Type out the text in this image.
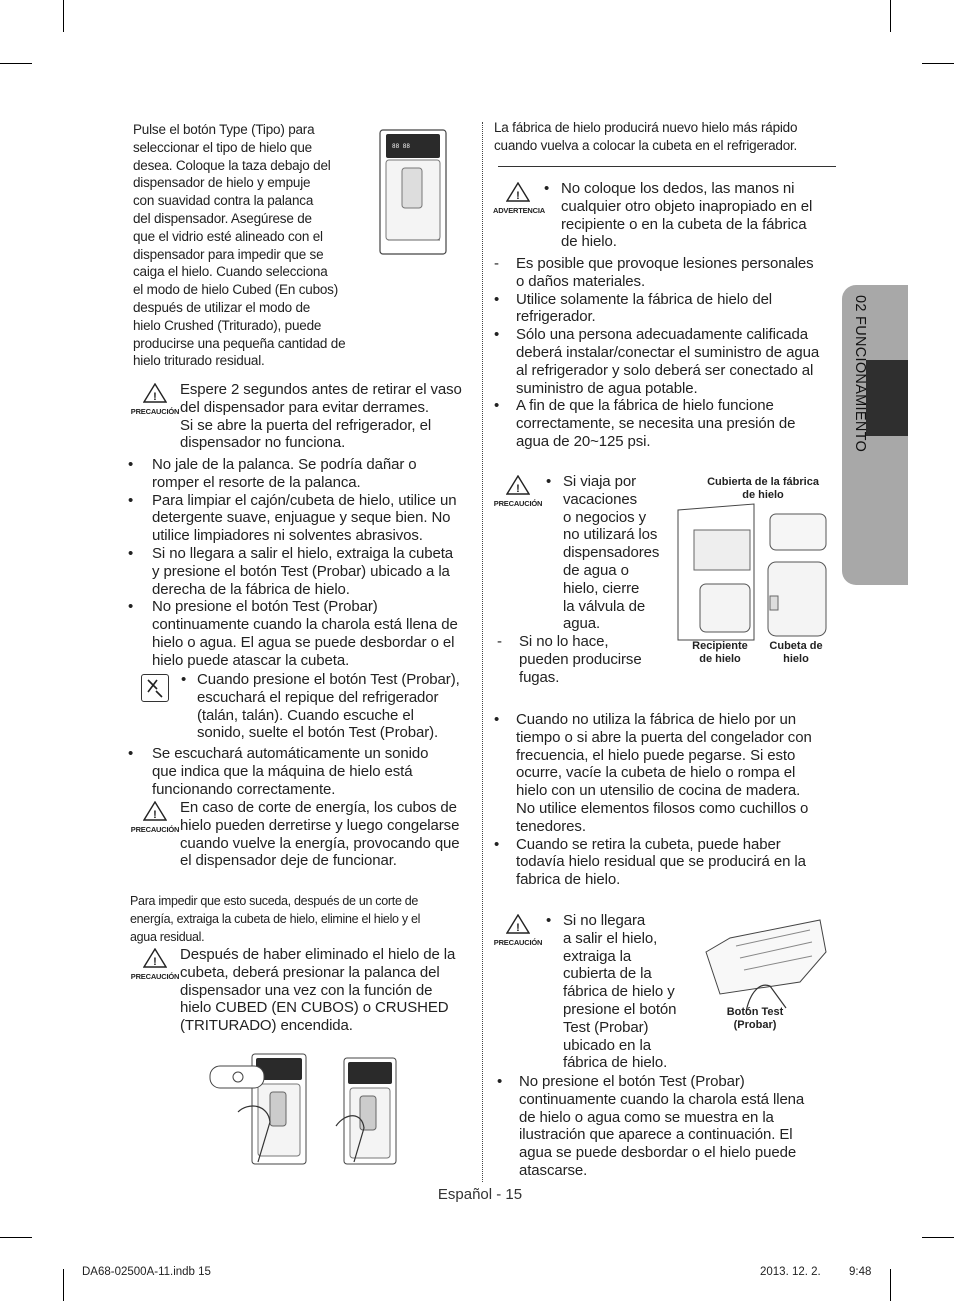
02 FUNCIONAMIENTO
Pulse el botón Type (Tipo) para
seleccionar el tipo de hielo que
desea. Coloque la taza debajo del
dispensador de hielo y empuje
con suavidad contra la palanca
del dispensador. Asegúrese de
que el vidrio esté alineado con el
dispensador para impedir que se
caiga el hielo. Cuando selecciona
el modo de hielo Cubed (En cubos)
después de utilizar el modo de
hielo Crushed (Triturado), puede
producirse una pequeña cantidad de
hielo triturado residual.
88 88
!
PRECAUCIÓN
Espere 2 segundos antes de retirar el vaso
del dispensador para evitar derrames.
Si se abre la puerta del refrigerador, el
dispensador no funciona.
• No jale de la palanca. Se podría dañar o
romper el resorte de la palanca.
• Para limpiar el cajón/cubeta de hielo, utilice un
detergente suave, enjuague y seque bien. No
utilice limpiadores ni solventes abrasivos.
• Si no llegara a salir el hielo, extraiga la cubeta
y presione el botón Test (Probar) ubicado a la
derecha de la fábrica de hielo.
• No presione el botón Test (Probar)
continuamente cuando la charola está llena de
hielo o agua. El agua se puede desbordar o el
hielo puede atascar la cubeta.
• Cuando presione el botón Test (Probar),
escuchará el repique del refrigerador
(talán, talán). Cuando escuche el
sonido, suelte el botón Test (Probar).
• Se escuchará automáticamente un sonido
que indica que la máquina de hielo está
funcionando correctamente.
!
PRECAUCIÓN
En caso de corte de energía, los cubos de
hielo pueden derretirse y luego congelarse
cuando vuelve la energía, provocando que
el dispensador deje de funcionar.
Para impedir que esto suceda, después de un corte de
energía, extraiga la cubeta de hielo, elimine el hielo y el
agua residual.
!
PRECAUCIÓN
Después de haber eliminado el hielo de la
cubeta, deberá presionar la palanca del
dispensador una vez con la función de
hielo CUBED (EN CUBOS) o CRUSHED
(TRITURADO) encendida.
La fábrica de hielo producirá nuevo hielo más rápido
cuando vuelva a colocar la cubeta en el refrigerador.
!
ADVERTENCIA
• No coloque los dedos, las manos ni
cualquier otro objeto inapropiado en el
recipiente o en la cubeta de la fábrica
de hielo.
- Es posible que provoque lesiones personales
o daños materiales.
• Utilice solamente la fábrica de hielo del
refrigerador.
• Sólo una persona adecuadamente calificada
deberá instalar/conectar el suministro de agua
al refrigerador y solo deberá ser conectado al
suministro de agua potable.
• A fin de que la fábrica de hielo funcione
correctamente, se necesita una presión de
agua de 20~125 psi.
!
PRECAUCIÓN
• Si viaja por
vacaciones
o negocios y
no utilizará los
dispensadores
de agua o
hielo, cierre
la válvula de
agua.
- Si no lo hace,
pueden producirse
fugas.
Cubierta de la fábrica
de hielo
Recipiente
de hielo
Cubeta de
hielo
• Cuando no utiliza la fábrica de hielo por un
tiempo o si abre la puerta del congelador con
frecuencia, el hielo puede pegarse. Si esto
ocurre, vacíe la cubeta de hielo o rompa el
hielo con un utensilio de cocina de madera.
No utilice elementos filosos como cuchillos o
tenedores.
• Cuando se retira la cubeta, puede haber
todavía hielo residual que se producirá en la
fabrica de hielo.
!
PRECAUCIÓN
• Si no llegara
a salir el hielo,
extraiga la
cubierta de la
fábrica de hielo y
presione el botón
Test (Probar)
ubicado en la
fábrica de hielo.
Botón Test
(Probar)
• No presione el botón Test (Probar)
continuamente cuando la charola está llena
de hielo o agua como se muestra en la
ilustración que aparece a continuación. El
agua se puede desbordar o el hielo puede
atascarse.
Español - 15
DA68-02500A-11.indb 15	2013. 12. 2. 9:48
